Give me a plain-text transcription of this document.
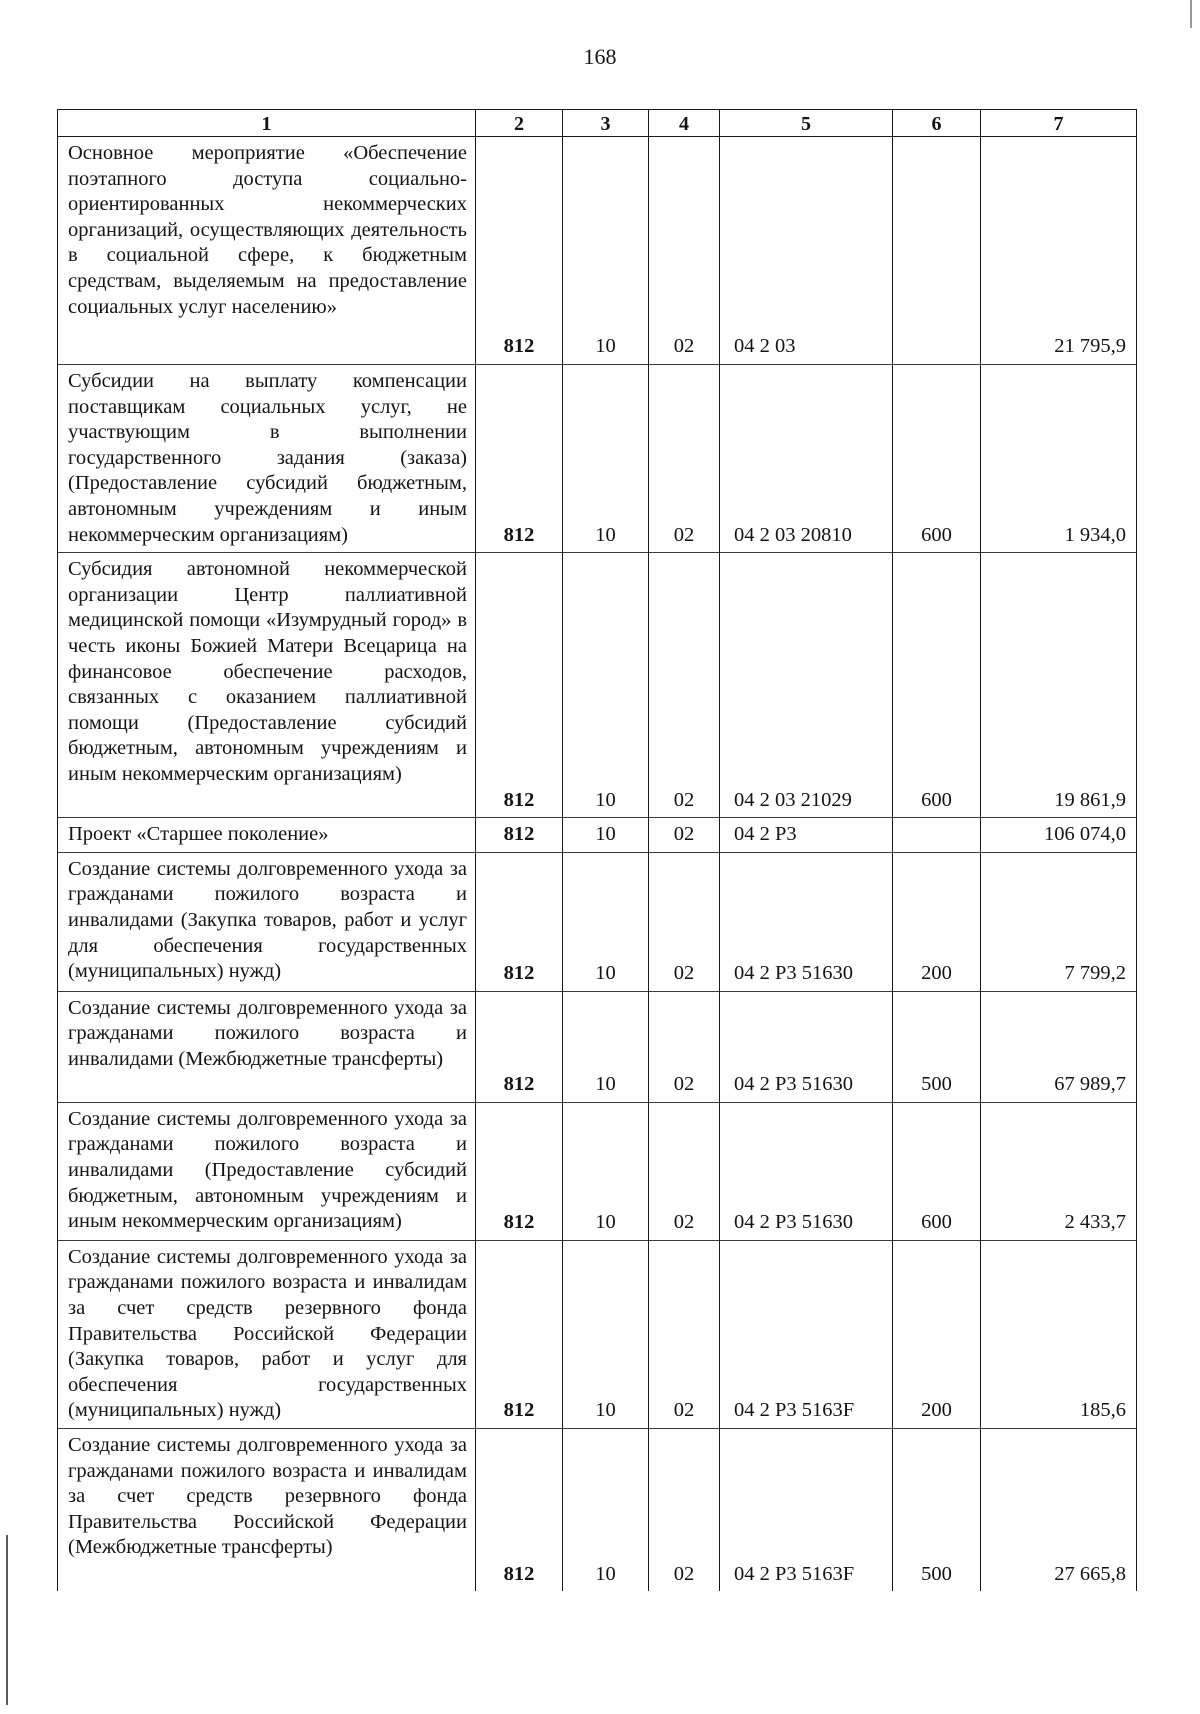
168
1	2	3	4	5	6	7
Основное мероприятие «Обеспечение поэтапного доступа социально-ориентированных некоммерческих организаций, осуществляющих деятельность в социальной сфере, к бюджетным средствам, выделяемым на предоставление социальных услуг населению»	812	10	02	04 2 03		21 795,9
Субсидии на выплату компенсации поставщикам социальных услуг, не участвующим в выполнении государственного задания (заказа) (Предоставление субсидий бюджетным, автономным учреждениям и иным некоммерческим организациям)	812	10	02	04 2 03 20810	600	1 934,0
Субсидия автономной некоммерческой организации Центр паллиативной медицинской помощи «Изумрудный город» в честь иконы Божией Матери Всецарица на финансовое обеспечение расходов, связанных с оказанием паллиативной помощи (Предоставление субсидий бюджетным, автономным учреждениям и иным некоммерческим организациям)	812	10	02	04 2 03 21029	600	19 861,9
Проект «Старшее поколение»	812	10	02	04 2 P3		106 074,0
Создание системы долговременного ухода за гражданами пожилого возраста и инвалидами (Закупка товаров, работ и услуг для обеспечения государственных (муниципальных) нужд)	812	10	02	04 2 P3 51630	200	7 799,2
Создание системы долговременного ухода за гражданами пожилого возраста и инвалидами (Межбюджетные трансферты)	812	10	02	04 2 P3 51630	500	67 989,7
Создание системы долговременного ухода за гражданами пожилого возраста и инвалидами (Предоставление субсидий бюджетным, автономным учреждениям и иным некоммерческим организациям)	812	10	02	04 2 P3 51630	600	2 433,7
Создание системы долговременного ухода за гражданами пожилого возраста и инвалидам за счет средств резервного фонда Правительства Российской Федерации (Закупка товаров, работ и услуг для обеспечения государственных (муниципальных) нужд)	812	10	02	04 2 P3 5163F	200	185,6
Создание системы долговременного ухода за гражданами пожилого возраста и инвалидам за счет средств резервного фонда Правительства Российской Федерации (Межбюджетные трансферты)	812	10	02	04 2 P3 5163F	500	27 665,8
